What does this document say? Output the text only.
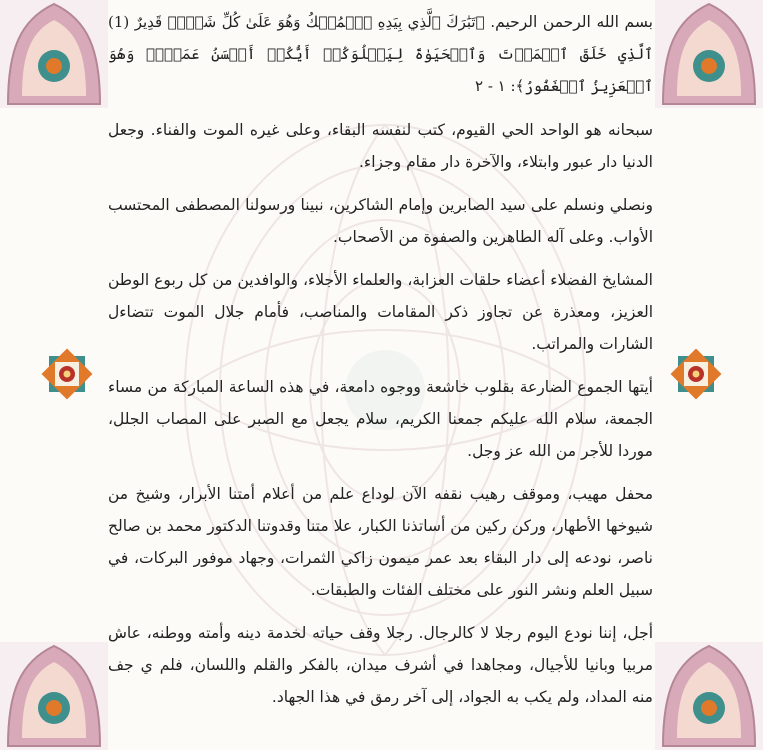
بسم الله الرحمن الرحيم. ﴿تَبَٰرَكَ ٱلَّذِي بِيَدِهِ ٱلۡمُلۡكُ وَهُوَ عَلَىٰ كُلِّ شَيۡءٖ قَدِيرٌ (1) ٱلَّذِي خَلَقَ ٱلۡمَوۡتَ وَٱلۡحَيَوٰةَ لِيَبۡلُوَكُمۡ أَيُّكُمۡ أَحۡسَنُ عَمَلٗاۚ وَهُوَ ٱلۡعَزِيزُ ٱلۡغَفُورُ﴾: ١ - ٢

سبحانه هو الواحد الحي القيوم، كتب لنفسه البقاء، وعلى غيره الموت والفناء. وجعل الدنيا دار عبور وابتلاء، والآخرة دار مقام وجزاء.

ونصلي ونسلم على سيد الصابرين وإمام الشاكرين، نبينا ورسولنا المصطفى المحتسب الأواب. وعلى آله الطاهرين والصفوة من الأصحاب.

المشايخ الفضلاء أعضاء حلقات العزابة، والعلماء الأجلاء، والوافدين من كل ربوع الوطن العزيز، ومعذرة عن تجاوز ذكر المقامات والمناصب، فأمام جلال الموت تتضاءل الشارات والمراتب.

أيتها الجموع الضارعة بقلوب خاشعة ووجوه دامعة، في هذه الساعة المباركة من مساء الجمعة، سلام الله عليكم جمعنا الكريم، سلام يجعل مع الصبر على المصاب الجلل، موردا للأجر من الله عز وجل.

محفل مهيب، وموقف رهيب نقفه الآن لوداع علم من أعلام أمتنا الأبرار، وشيخ من شيوخها الأطهار، وركن ركين من أساتذنا الكبار، علا متنا وقدوتنا الدكتور محمد بن صالح ناصر، نودعه إلى دار البقاء بعد عمر ميمون زاكي الثمرات، وجهاد موفور البركات، في سبيل العلم ونشر النور على مختلف الفئات والطبقات.

أجل، إننا نودع اليوم رجلا لا كالرجال. رجلا وقف حياته لخدمة دينه وأمته ووطنه، عاش مربيا وبانيا للأجيال، ومجاهدا في أشرف ميدان، بالفكر والقلم واللسان، فلم ي جف منه المداد، ولم يكب به الجواد، إلى آخر رمق في هذا الجهاد.
